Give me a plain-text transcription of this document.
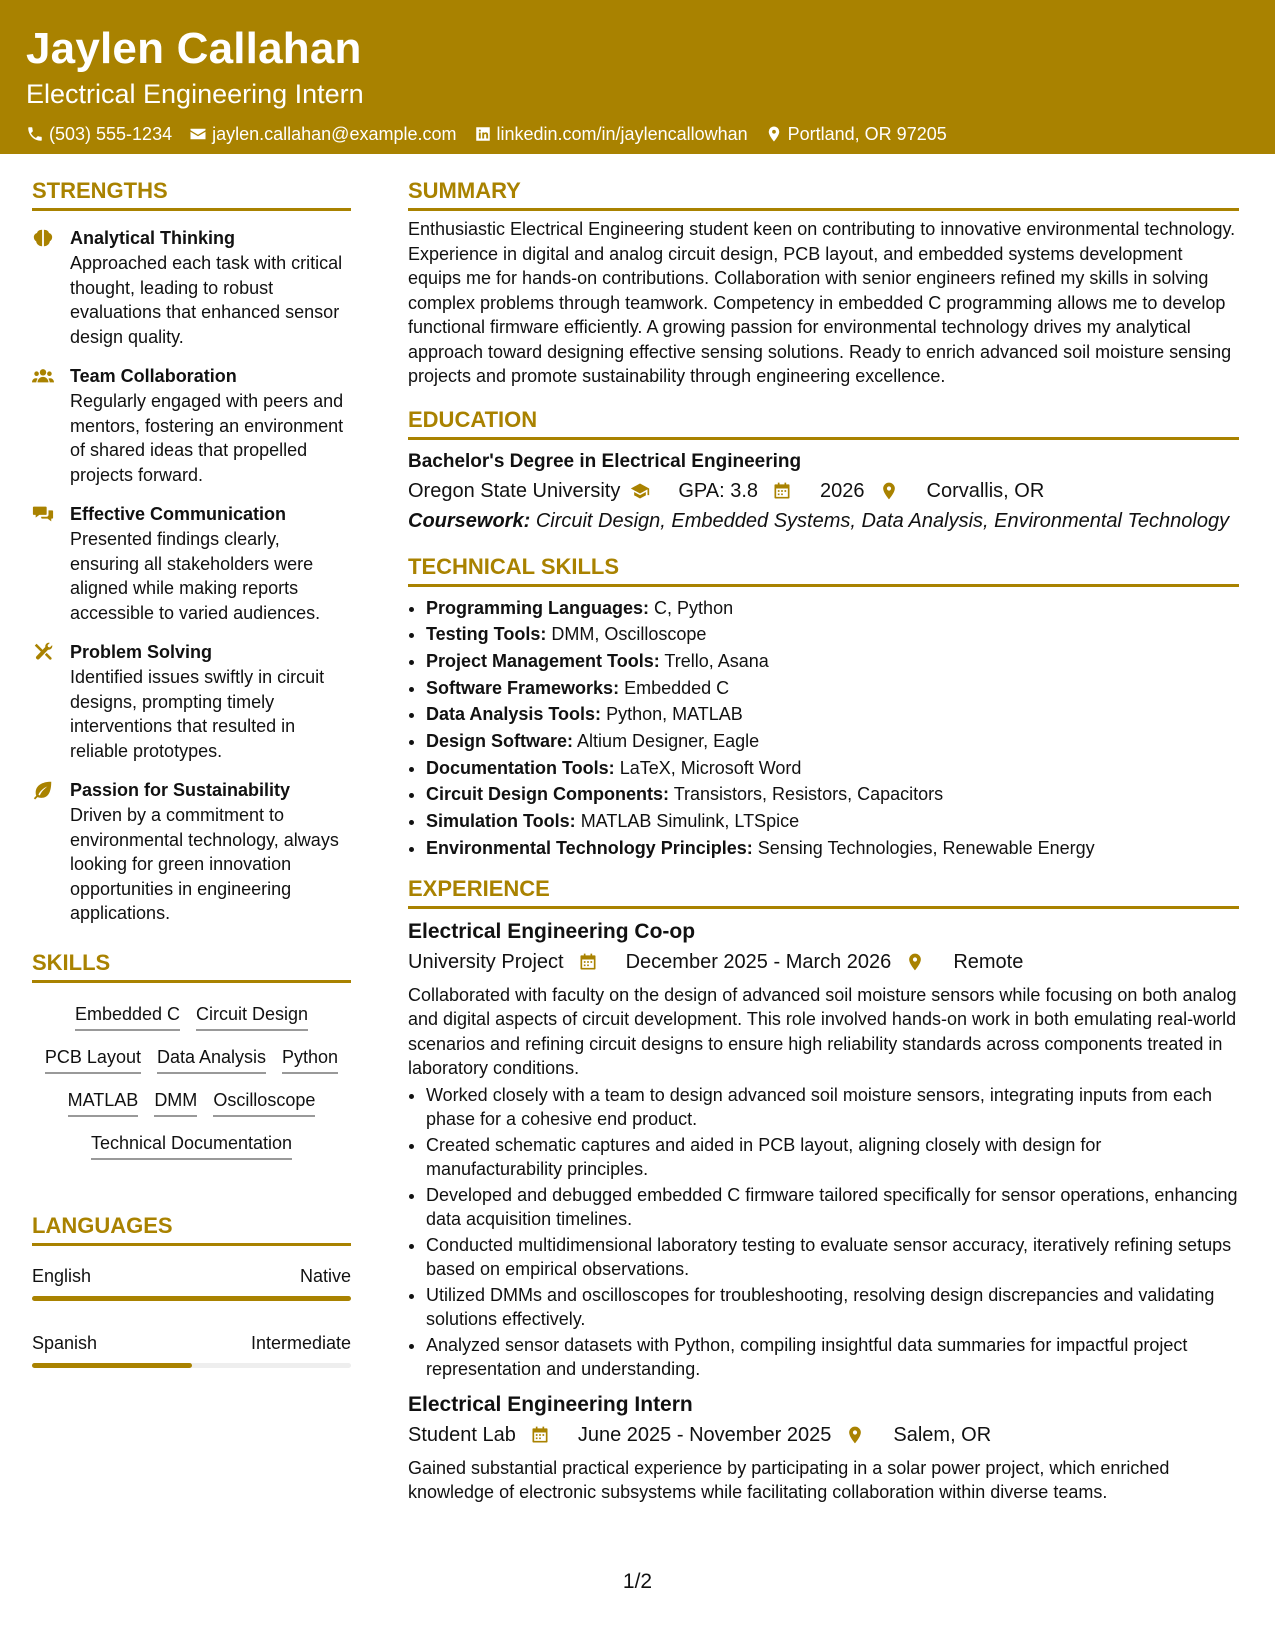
Jaylen Callahan
Electrical Engineering Intern
(503) 555-1234 jaylen.callahan@example.com linkedin.com/in/jaylencallowhan Portland, OR 97205
STRENGTHS
Analytical Thinking
Approached each task with critical thought, leading to robust evaluations that enhanced sensor design quality.
Team Collaboration
Regularly engaged with peers and mentors, fostering an environment of shared ideas that propelled projects forward.
Effective Communication
Presented findings clearly, ensuring all stakeholders were aligned while making reports accessible to varied audiences.
Problem Solving
Identified issues swiftly in circuit designs, prompting timely interventions that resulted in reliable prototypes.
Passion for Sustainability
Driven by a commitment to environmental technology, always looking for green innovation opportunities in engineering applications.
SKILLS
Embedded C Circuit Design
PCB Layout Data Analysis Python
MATLAB DMM Oscilloscope
Technical Documentation
LANGUAGES
English	Native
Spanish	Intermediate
SUMMARY
Enthusiastic Electrical Engineering student keen on contributing to innovative environmental technology. Experience in digital and analog circuit design, PCB layout, and embedded systems development equips me for hands-on contributions. Collaboration with senior engineers refined my skills in solving complex problems through teamwork. Competency in embedded C programming allows me to develop functional firmware efficiently. A growing passion for environmental technology drives my analytical approach toward designing effective sensing solutions. Ready to enrich advanced soil moisture sensing projects and promote sustainability through engineering excellence.
EDUCATION
Bachelor's Degree in Electrical Engineering
Oregon State University	GPA: 3.8	2026	Corvallis, OR
Coursework: Circuit Design, Embedded Systems, Data Analysis, Environmental Technology
TECHNICAL SKILLS
• Programming Languages: C, Python
• Testing Tools: DMM, Oscilloscope
• Project Management Tools: Trello, Asana
• Software Frameworks: Embedded C
• Data Analysis Tools: Python, MATLAB
• Design Software: Altium Designer, Eagle
• Documentation Tools: LaTeX, Microsoft Word
• Circuit Design Components: Transistors, Resistors, Capacitors
• Simulation Tools: MATLAB Simulink, LTSpice
• Environmental Technology Principles: Sensing Technologies, Renewable Energy
EXPERIENCE
Electrical Engineering Co-op
University Project	December 2025 - March 2026	Remote
Collaborated with faculty on the design of advanced soil moisture sensors while focusing on both analog and digital aspects of circuit development. This role involved hands-on work in both emulating real-world scenarios and refining circuit designs to ensure high reliability standards across components treated in laboratory conditions.
• Worked closely with a team to design advanced soil moisture sensors, integrating inputs from each phase for a cohesive end product.
• Created schematic captures and aided in PCB layout, aligning closely with design for manufacturability principles.
• Developed and debugged embedded C firmware tailored specifically for sensor operations, enhancing data acquisition timelines.
• Conducted multidimensional laboratory testing to evaluate sensor accuracy, iteratively refining setups based on empirical observations.
• Utilized DMMs and oscilloscopes for troubleshooting, resolving design discrepancies and validating solutions effectively.
• Analyzed sensor datasets with Python, compiling insightful data summaries for impactful project representation and understanding.
Electrical Engineering Intern
Student Lab	June 2025 - November 2025	Salem, OR
Gained substantial practical experience by participating in a solar power project, which enriched knowledge of electronic subsystems while facilitating collaboration within diverse teams.
1/2
